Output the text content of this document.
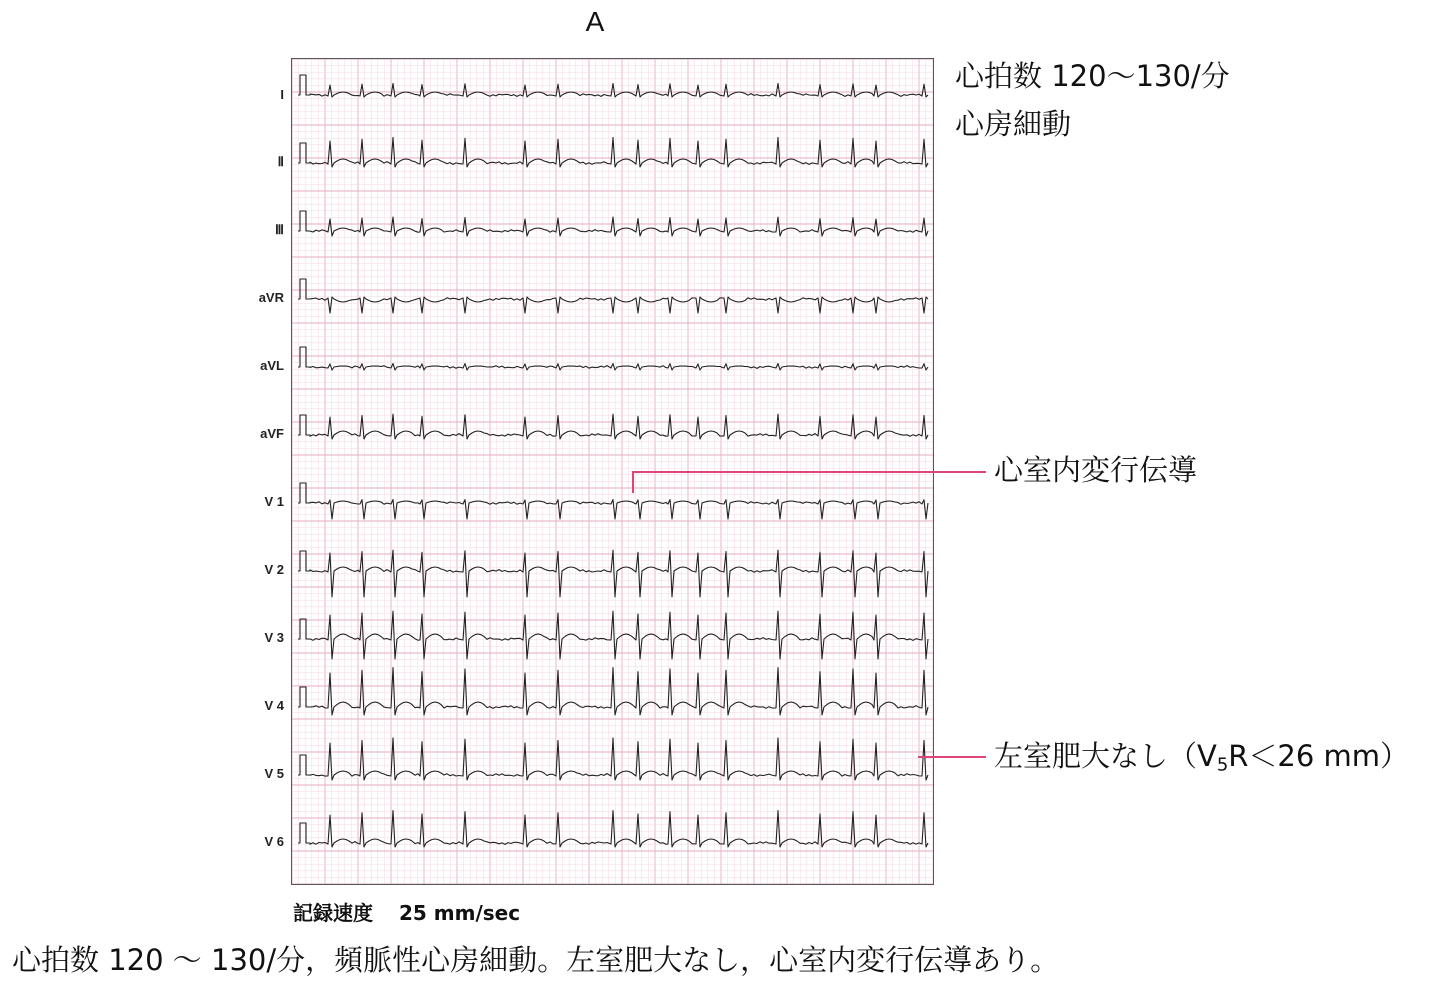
A
I
Ⅱ
Ⅲ
aVR
aVL
aVF
V 1
V 2
V 3
V 4
V 5
V 6
心拍数 120〜130/分
心房細動
心室内変行伝導
左室肥大なし（$V_5R<26$ mm）
記録速度 25 mm/sec
心拍数 120 〜 130/分，頻脈性心房細動。左室肥大なし，心室内変行伝導あり。
